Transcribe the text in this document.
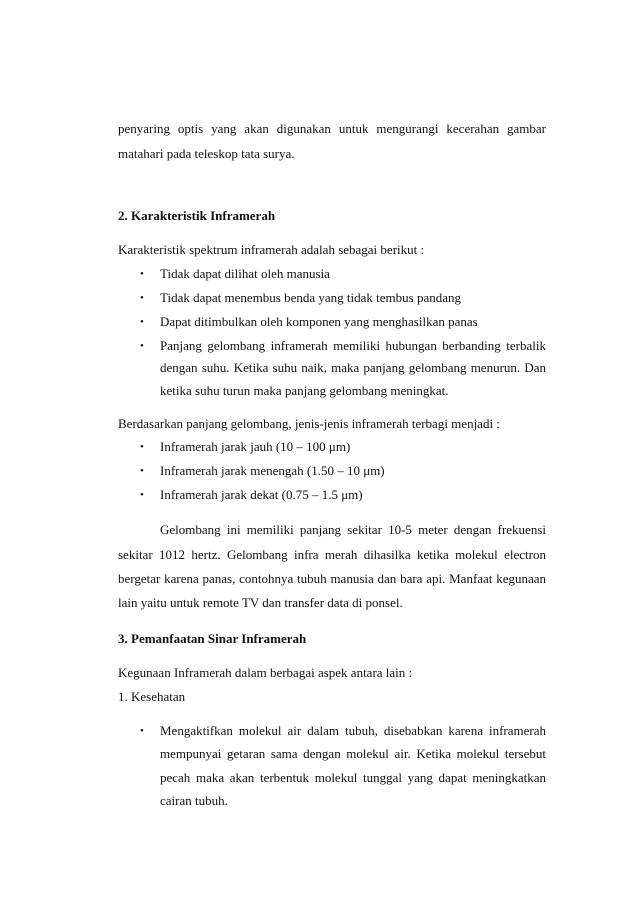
penyaring optis yang akan digunakan untuk mengurangi kecerahan gambar
matahari pada teleskop tata surya.
2. Karakteristik Inframerah
Karakteristik spektrum inframerah adalah sebagai berikut :
•	Tidak dapat dilihat oleh manusia
•	Tidak dapat menembus benda yang tidak tembus pandang
•	Dapat ditimbulkan oleh komponen yang menghasilkan panas
•	Panjang gelombang inframerah memiliki hubungan berbanding terbalik
dengan suhu. Ketika suhu naik, maka panjang gelombang menurun. Dan
ketika suhu turun maka panjang gelombang meningkat.
Berdasarkan panjang gelombang, jenis-jenis inframerah terbagi menjadi :
•	Inframerah jarak jauh (10 – 100 μm)
•	Inframerah jarak menengah (1.50 – 10 μm)
•	Inframerah jarak dekat (0.75 – 1.5 μm)
Gelombang ini memiliki panjang sekitar 10-5 meter dengan frekuensi
sekitar 1012 hertz. Gelombang infra merah dihasilka ketika molekul electron
bergetar karena panas, contohnya tubuh manusia dan bara api. Manfaat kegunaan
lain yaitu untuk remote TV dan transfer data di ponsel.
3. Pemanfaatan Sinar Inframerah
Kegunaan Inframerah dalam berbagai aspek antara lain :
1. Kesehatan
•	Mengaktifkan molekul air dalam tubuh, disebabkan karena inframerah
mempunyai getaran sama dengan molekul air. Ketika molekul tersebut
pecah maka akan terbentuk molekul tunggal yang dapat meningkatkan
cairan tubuh.
